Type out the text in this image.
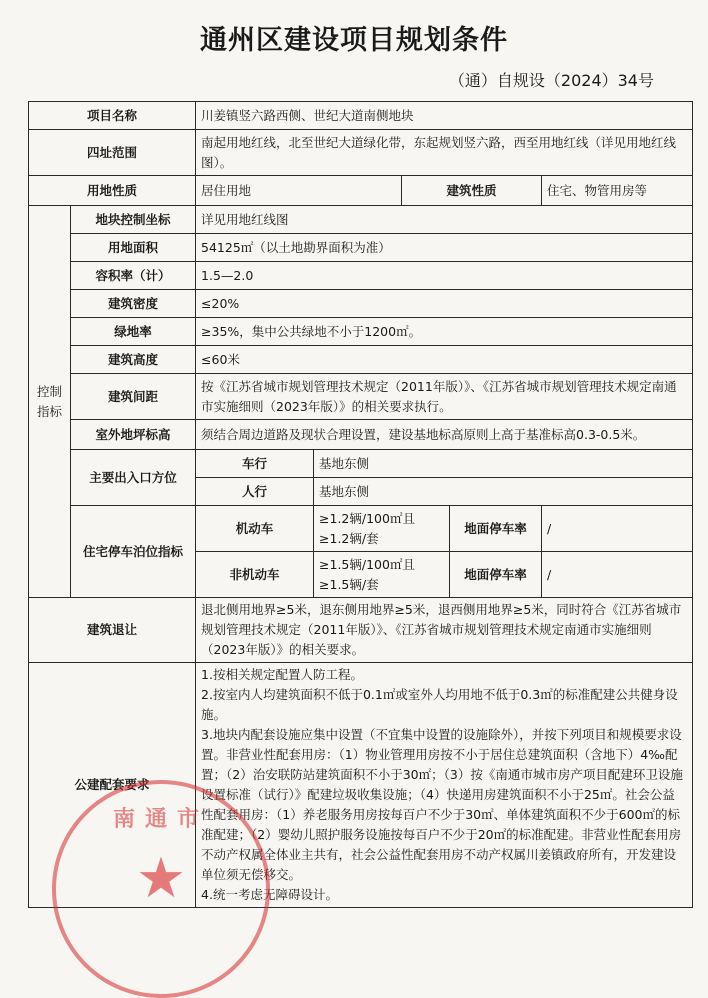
通州区建设项目规划条件
（通）自规设（2024）34号
项目名称		川姜镇竖六路西侧、世纪大道南侧地块				
四址范围		南起用地红线，北至世纪大道绿化带，东起规划竖六路，西至用地红线（详见用地红线图）。				
用地性质		居住用地		建筑性质		住宅、物管用房等
控制指标	地块控制坐标	详见用地红线图				
	用地面积	54125㎡（以土地勘界面积为准）				
	容积率（计）	1.5—2.0				
	建筑密度	≤20%				
	绿地率	≥35%，集中公共绿地不小于1200㎡。				
	建筑高度	≤60米				
	建筑间距	按《江苏省城市规划管理技术规定（2011年版）》、《江苏省城市规划管理技术规定南通市实施细则（2023年版）》的相关要求执行。				
	室外地坪标高	须结合周边道路及现状合理设置，建设基地标高原则上高于基准标高0.3-0.5米。				
	主要出入口方位	车行	基地东侧			
		人行	基地东侧			
	住宅停车泊位指标	机动车	≥1.2辆/100㎡且≥1.2辆/套		地面停车率	/
		非机动车	≥1.5辆/100㎡且≥1.5辆/套		地面停车率	/
建筑退让		退北侧用地界≥5米，退东侧用地界≥5米，退西侧用地界≥5米，同时符合《江苏省城市规划管理技术规定（2011年版）》、《江苏省城市规划管理技术规定南通市实施细则（2023年版）》的相关要求。				
公建配套要求		1.按相关规定配置人防工程。
2.按室内人均建筑面积不低于0.1㎡或室外人均用地不低于0.3㎡的标准配建公共健身设施。
3.地块内配套设施应集中设置（不宜集中设置的设施除外），并按下列项目和规模要求设置。非营业性配套用房：（1）物业管理用房按不小于居住总建筑面积（含地下）4‰配置；（2）治安联防站建筑面积不小于30㎡；（3）按《南通市城市房产项目配建环卫设施设置标准（试行）》配建垃圾收集设施；（4）快递用房建筑面积不小于25㎡。社会公益性配套用房：（1）养老服务用房按每百户不少于30㎡、单体建筑面积不少于600㎡的标准配建；（2）婴幼儿照护服务设施按每百户不少于20㎡的标准配建。非营业性配套用房不动产权属全体业主共有，社会公益性配套用房不动产权属川姜镇政府所有，开发建设单位须无偿移交。
4.统一考虑无障碍设计。				
南通市
★
